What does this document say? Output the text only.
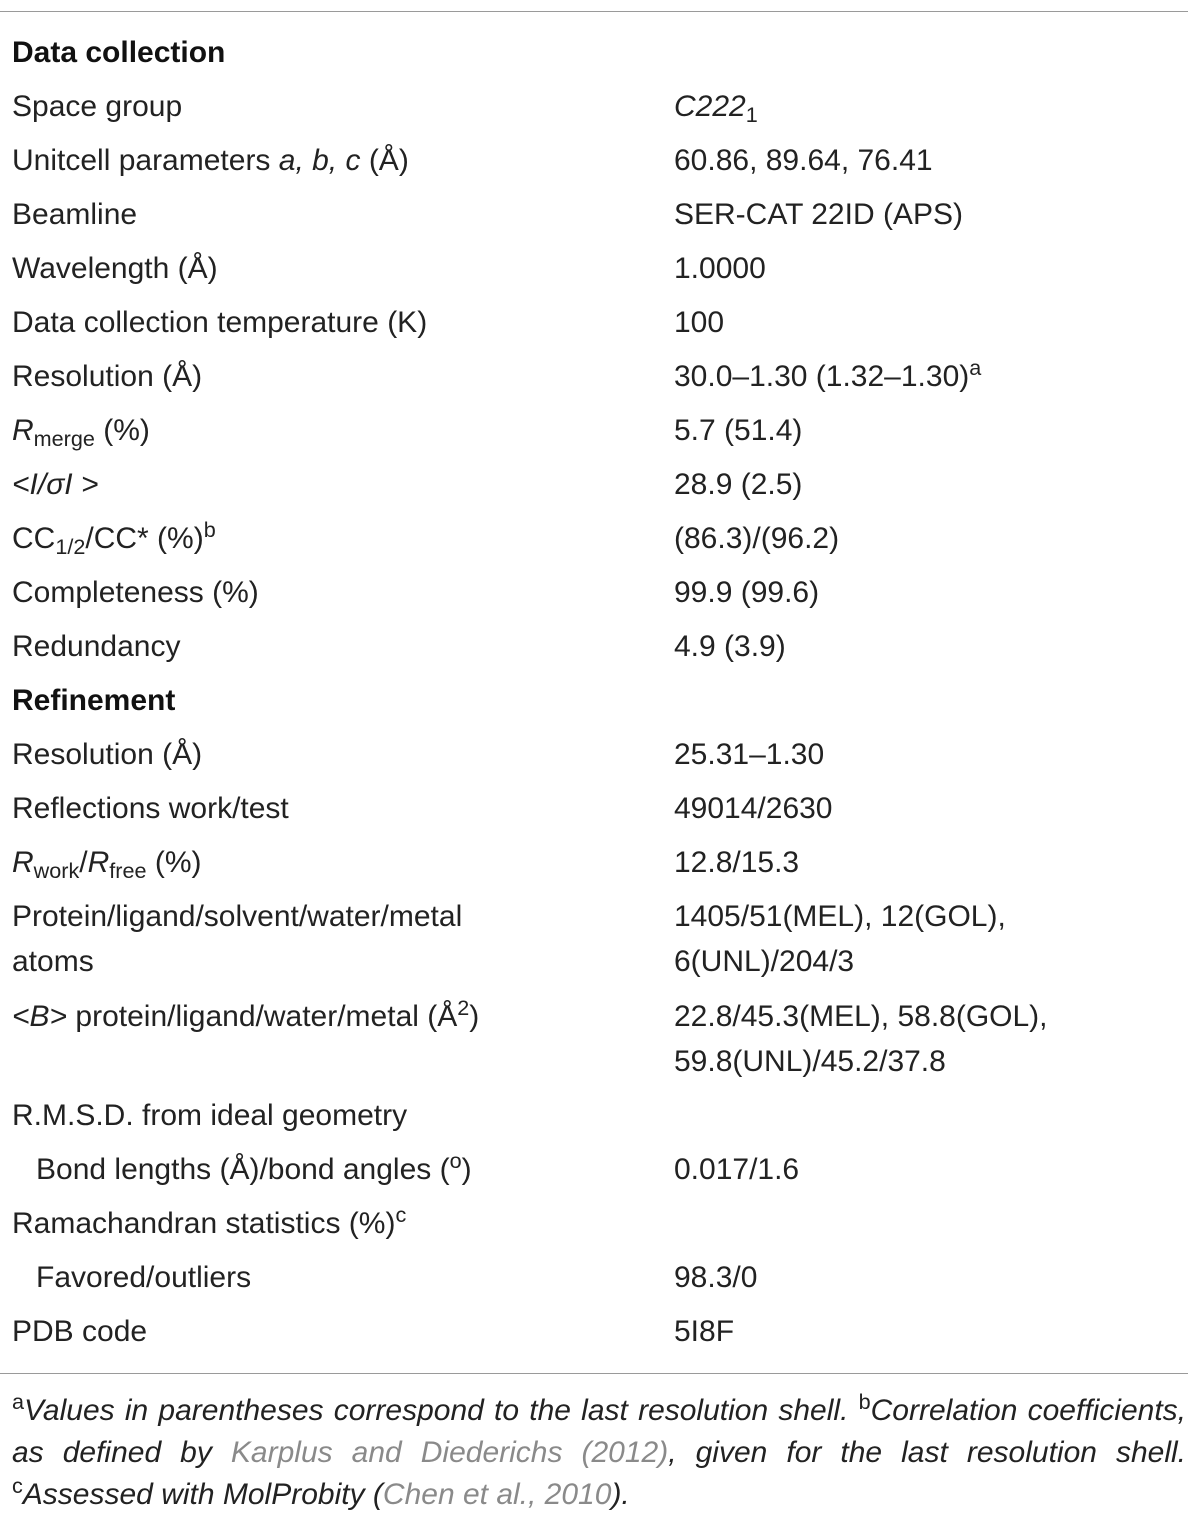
Data collection
Space group	$C222_1$
Unitcell parameters a, b, c (Å)	60.86, 89.64, 76.41
Beamline	SER-CAT 22ID (APS)
Wavelength (Å)	1.0000
Data collection temperature (K)	100
Resolution (Å)	30.0–1.30 $(1.32-1.30)^a$
$R_{merge}$ (%)	5.7 (51.4)
<I/σI >	28.9 (2.5)
$CC_{1/2}/CC*$ (%)$^b$	(86.3)/(96.2)
Completeness (%)	99.9 (99.6)
Redundancy	4.9 (3.9)
Refinement
Resolution (Å)	25.31–1.30
Reflections work/test	49014/2630
$R_{work}/R_{free}$ (%)	12.8/15.3
Protein/ligand/solvent/water/metal	1405/51(MEL), 12(GOL),
atoms	6(UNL)/204/3
<B> protein/ligand/water/metal $(Å^2)$	22.8/45.3(MEL), 58.8(GOL),
59.8(UNL)/45.2/37.8
R.M.S.D. from ideal geometry
Bond lengths (Å)/bond angles ($^o$)	0.017/1.6
Ramachandran statistics (%)$^c$
Favored/outliers	98.3/0
PDB code	5I8F
$^a$Values in parentheses correspond to the last resolution shell. $^b$Correlation coefficients, as defined by Karplus and Diederichs (2012), given for the last resolution shell. $^c$Assessed with MolProbity (Chen et al., 2010).
